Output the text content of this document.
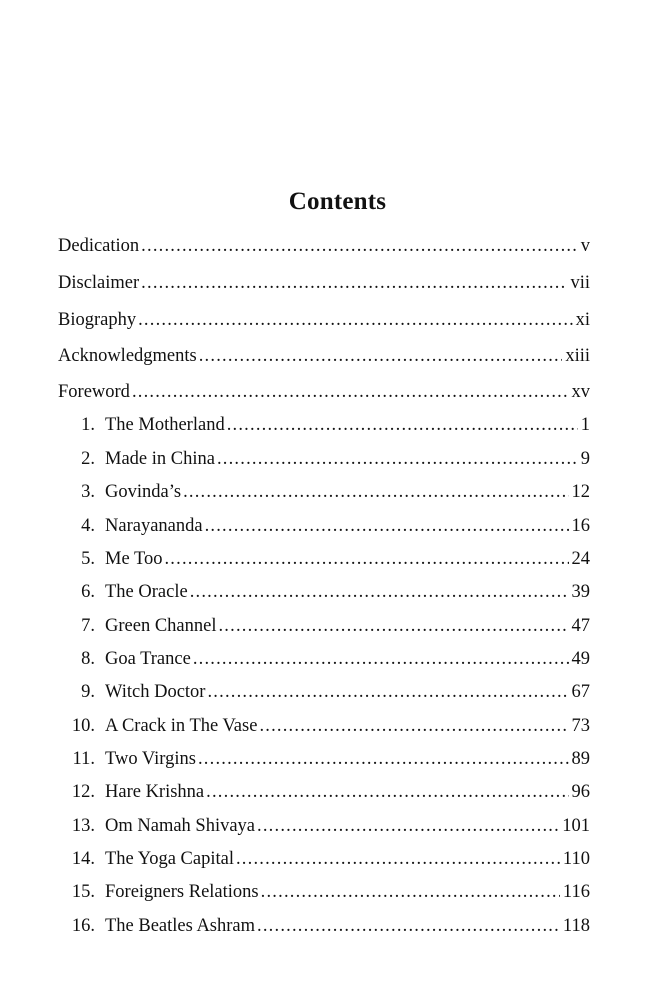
Contents
Dedication .....	v
Disclaimer .....	vii
Biography .....	xi
Acknowledgments .....	xiii
Foreword .....	xv
1. The Motherland .....	1
2. Made in China .....	9
3. Govinda’s .....	12
4. Narayananda .....	16
5. Me Too .....	24
6. The Oracle .....	39
7. Green Channel .....	47
8. Goa Trance .....	49
9. Witch Doctor .....	67
10. A Crack in The Vase .....	73
11. Two Virgins .....	89
12. Hare Krishna .....	96
13. Om Namah Shivaya .....	101
14. The Yoga Capital .....	110
15. Foreigners Relations .....	116
16. The Beatles Ashram .....	118
